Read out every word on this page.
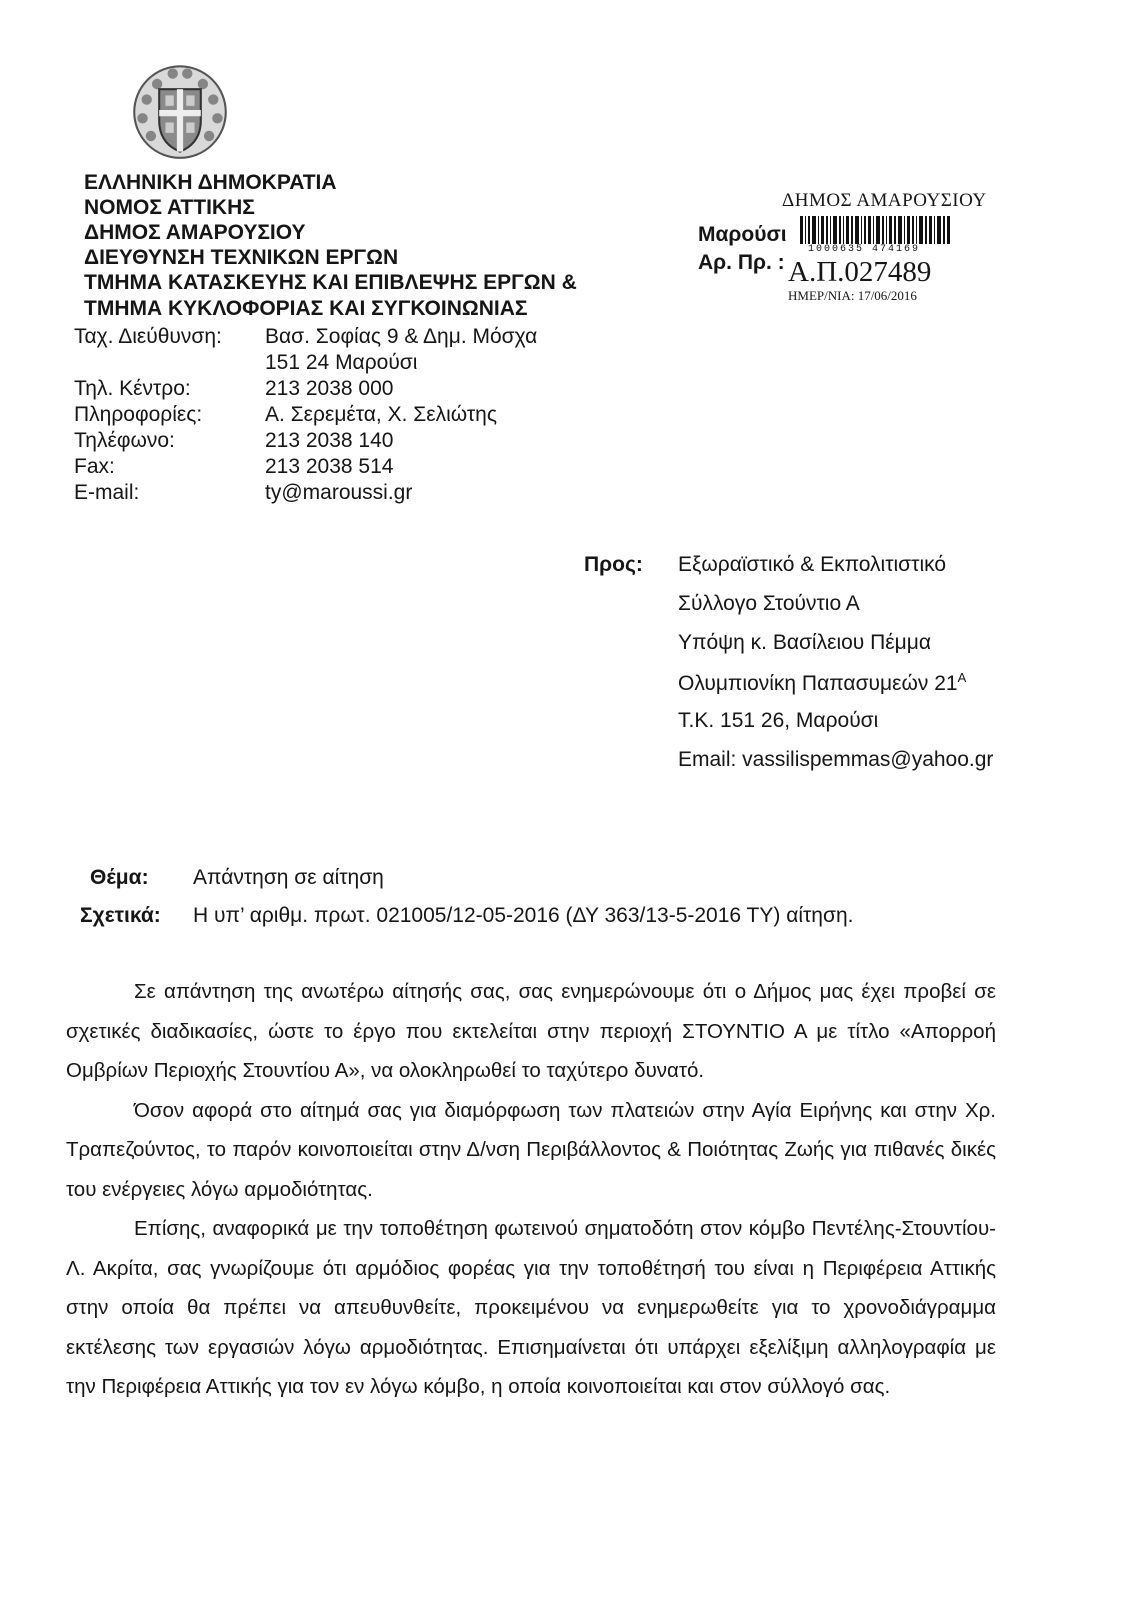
ΕΛΛΗΝΙΚΗ ΔΗΜΟΚΡΑΤΙΑ
ΝΟΜΟΣ ΑΤΤΙΚΗΣ
ΔΗΜΟΣ ΑΜΑΡΟΥΣΙΟΥ
ΔΙΕΥΘΥΝΣΗ ΤΕΧΝΙΚΩΝ ΕΡΓΩΝ
ΤΜΗΜΑ ΚΑΤΑΣΚΕΥΗΣ ΚΑΙ ΕΠΙΒΛΕΨΗΣ ΕΡΓΩΝ &
ΤΜΗΜΑ ΚΥΚΛΟΦΟΡΙΑΣ ΚΑΙ ΣΥΓΚΟΙΝΩΝΙΑΣ
Ταχ. Διεύθυνση: Βασ. Σοφίας 9 & Δημ. Μόσχα
151 24 Μαρούσι
Τηλ. Κέντρο:	213 2038 000
Πληροφορίες:	Α. Σερεμέτα, Χ. Σελιώτης
Τηλέφωνο:	213 2038 140
Fax:	213 2038 514
E-mail:	ty@maroussi.gr
Μαρούσι
Αρ. Πρ. :
ΔΗΜΟΣ ΑΜΑΡΟΥΣΙΟΥ
1000635 474169
Α.Π.027489
ΗΜΕΡ/ΝΙΑ: 17/06/2016
Προς: Εξωραϊστικό & Εκπολιτιστικό
Σύλλογο Στούντιο Α
Υπόψη κ. Βασίλειου Πέμμα
Ολυμπιονίκη Παπασυμεών $21^A$
Τ.Κ. 151 26, Μαρούσι
Email: vassilispemmas@yahoo.gr
Θέμα: Απάντηση σε αίτηση
Σχετικά: Η υπ’ αριθμ. πρωτ. 021005/12-05-2016 (ΔΥ 363/13-5-2016 ΤΥ) αίτηση.

Σε απάντηση της ανωτέρω αίτησής σας, σας ενημερώνουμε ότι ο Δήμος μας έχει προβεί σε σχετικές διαδικασίες, ώστε το έργο που εκτελείται στην περιοχή ΣΤΟΥΝΤΙΟ Α με τίτλο «Απορροή Ομβρίων Περιοχής Στουντίου Α», να ολοκληρωθεί το ταχύτερο δυνατό.

Όσον αφορά στο αίτημά σας για διαμόρφωση των πλατειών στην Αγία Ειρήνης και στην Χρ. Τραπεζούντος, το παρόν κοινοποιείται στην Δ/νση Περιβάλλοντος & Ποιότητας Ζωής για πιθανές δικές του ενέργειες λόγω αρμοδιότητας.

Επίσης, αναφορικά με την τοποθέτηση φωτεινού σηματοδότη στον κόμβο Πεντέλης-Στουντίου-Λ. Ακρίτα, σας γνωρίζουμε ότι αρμόδιος φορέας για την τοποθέτησή του είναι η Περιφέρεια Αττικής στην οποία θα πρέπει να απευθυνθείτε, προκειμένου να ενημερωθείτε για το χρονοδιάγραμμα εκτέλεσης των εργασιών λόγω αρμοδιότητας. Επισημαίνεται ότι υπάρχει εξελίξιμη αλληλογραφία με την Περιφέρεια Αττικής για τον εν λόγω κόμβο, η οποία κοινοποιείται και στον σύλλογό σας.
